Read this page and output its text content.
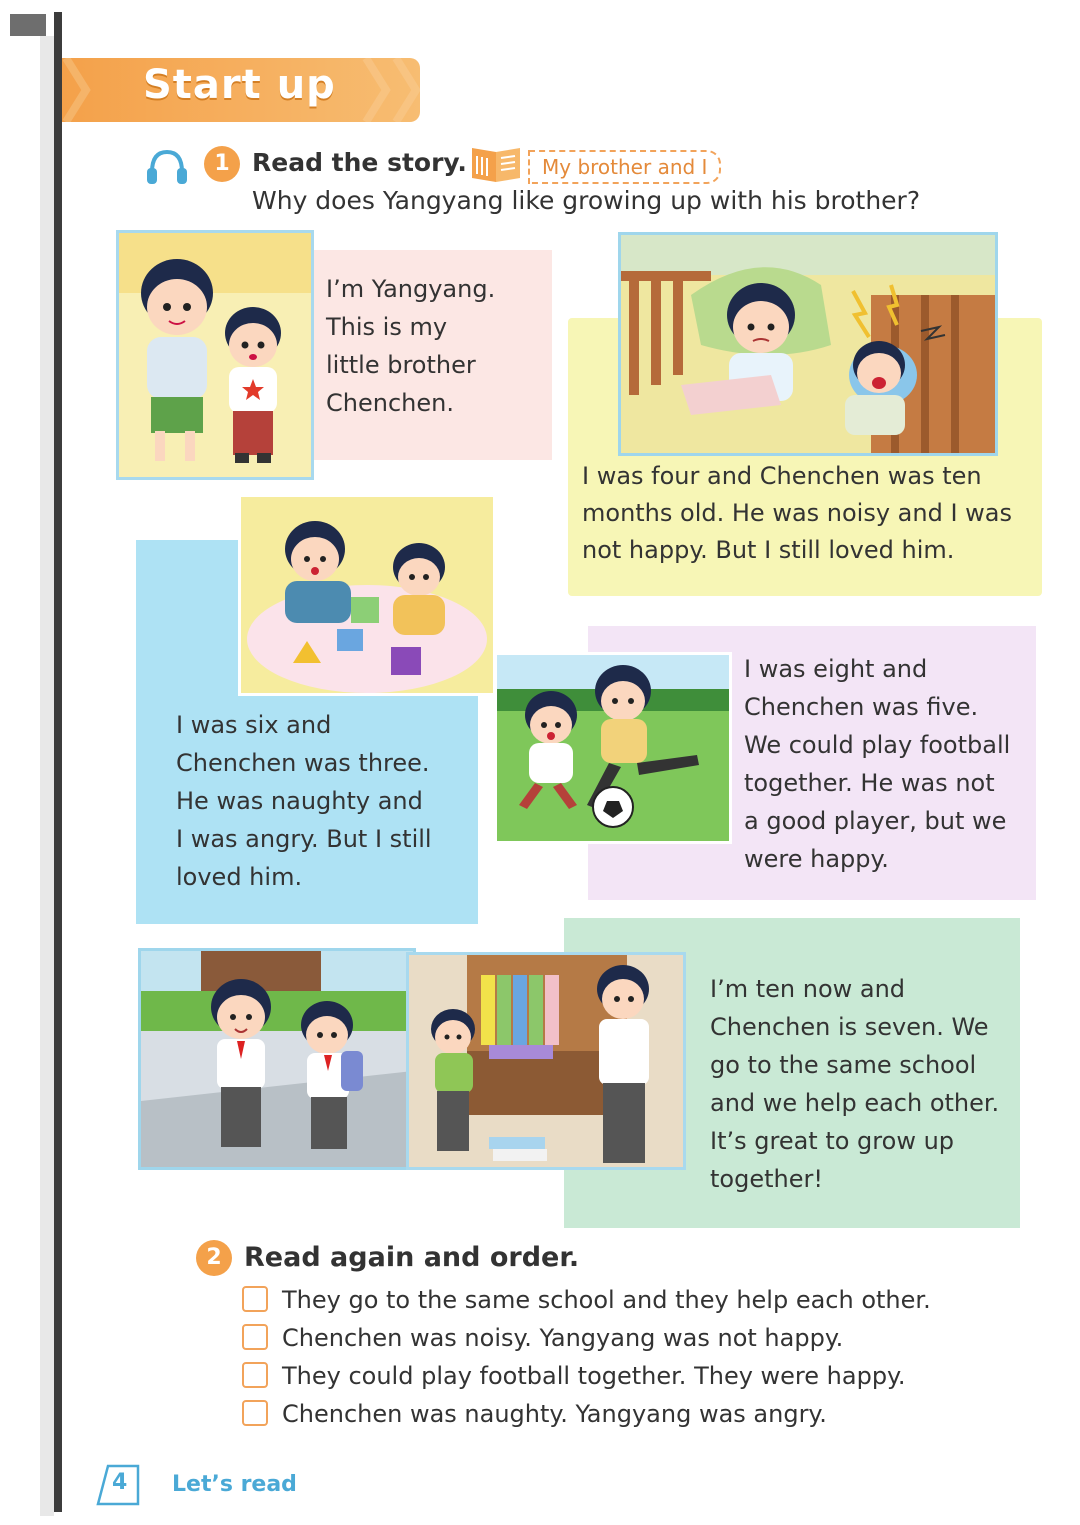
Start up
1 Read the story.	My brother and I
Why does Yangyang like growing up with his brother?
I’m Yangyang.
This is my
little brother
Chenchen.
I was four and Chenchen was ten
months old. He was noisy and I was
not happy. But I still loved him.
I was six and
Chenchen was three.
He was naughty and
I was angry. But I still
loved him.
I was eight and
Chenchen was five.
We could play football
together. He was not
a good player, but we
were happy.
I’m ten now and
Chenchen is seven. We
go to the same school
and we help each other.
It’s great to grow up
together!
2 Read again and order.
They go to the same school and they help each other.
Chenchen was noisy. Yangyang was not happy.
They could play football together. They were happy.
Chenchen was naughty. Yangyang was angry.
4 Let’s read
